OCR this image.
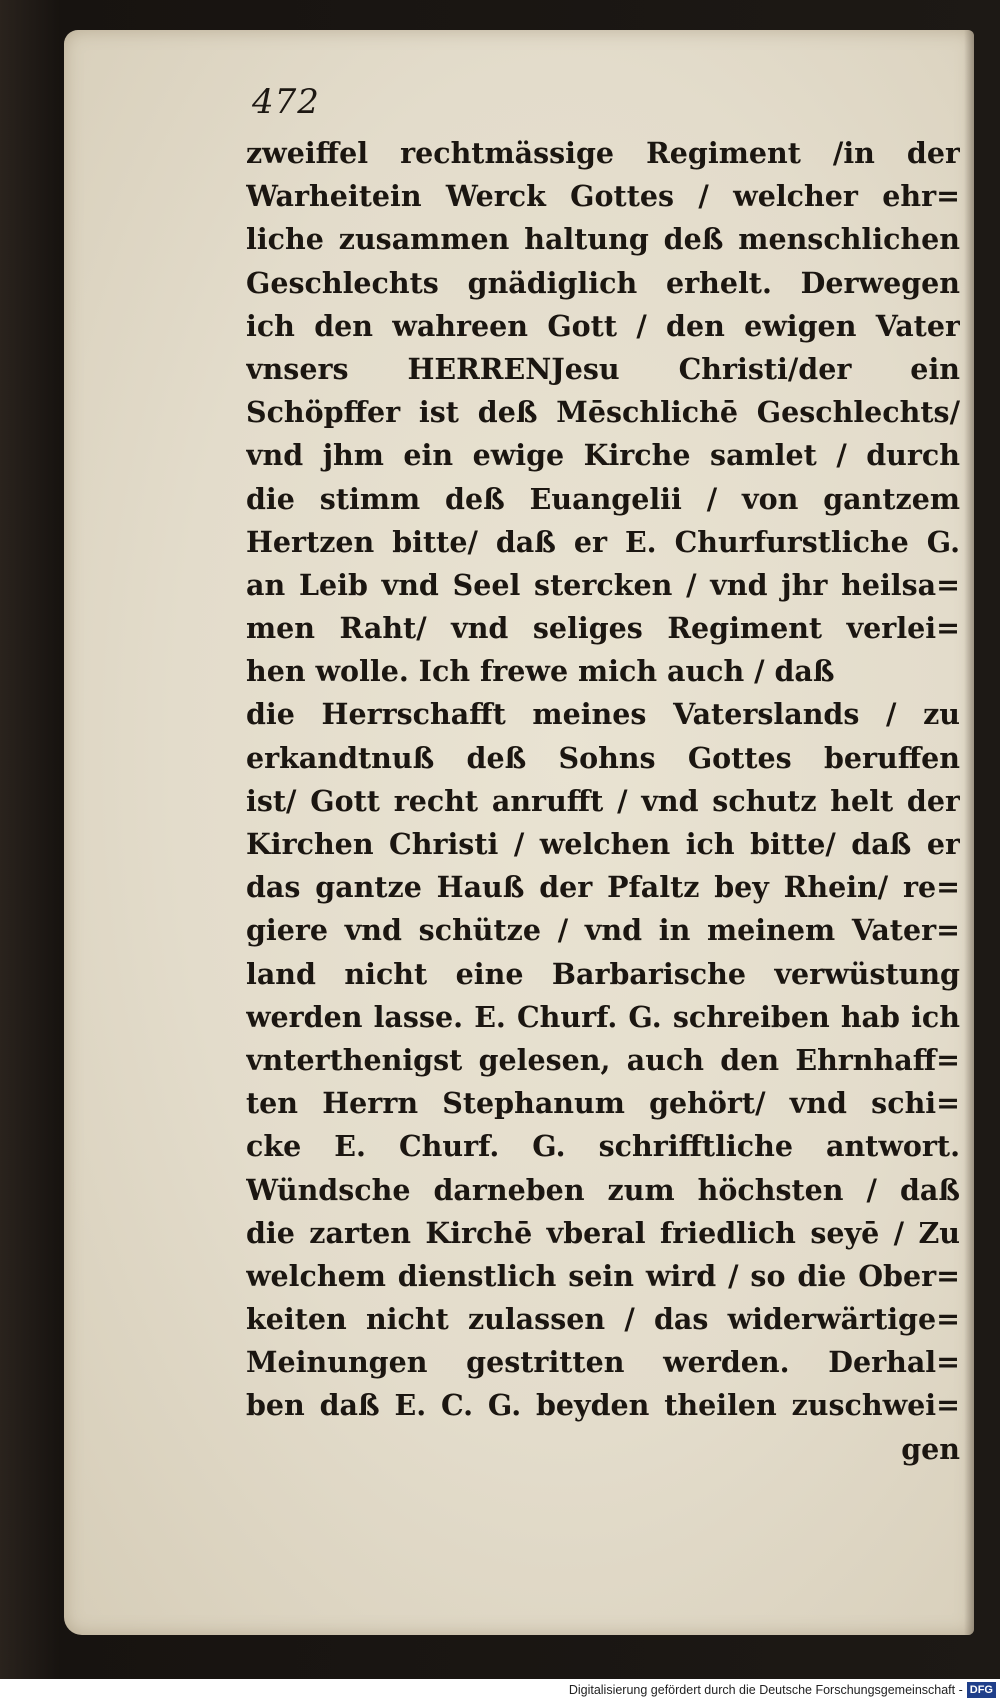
472

zweiffel rechtmässige Regiment /in der
Warheitein Werck Gottes / welcher ehr=
liche zusammen haltung deß menschlichen
Geschlechts gnädiglich erhelt. Derwegen
ich den wahreen Gott / den ewigen Vater
vnsers HERRENJesu Christi/der ein
Schöpffer ist deß Mēschlichē Geschlechts/
vnd jhm ein ewige Kirche samlet / durch
die stimm deß Euangelii / von gantzem
Hertzen bitte/ daß er E. Churfurstliche G.
an Leib vnd Seel stercken / vnd jhr heilsa=
men Raht/ vnd seliges Regiment verlei=
hen wolle. Ich frewe mich auch / daß
die Herrschafft meines Vaterslands / zu
erkandtnuß deß Sohns Gottes beruffen
ist/ Gott recht anrufft / vnd schutz helt der
Kirchen Christi / welchen ich bitte/ daß er
das gantze Hauß der Pfaltz bey Rhein/ re=
giere vnd schütze / vnd in meinem Vater=
land nicht eine Barbarische verwüstung
werden lasse. E. Churf. G. schreiben hab ich
vnterthenigst gelesen, auch den Ehrnhaff=
ten Herrn Stephanum gehört/ vnd schi=
cke E. Churf. G. schrifftliche antwort.
Wündsche darneben zum höchsten / daß
die zarten Kirchē vberal friedlich seyē / Zu
welchem dienstlich sein wird / so die Ober=
keiten nicht zulassen / das widerwärtige=
Meinungen gestritten werden. Derhal=
ben daß E. C. G. beyden theilen zuschwei=
gen
Digitalisierung gefördert durch die Deutsche Forschungsgemeinschaft - DFG
